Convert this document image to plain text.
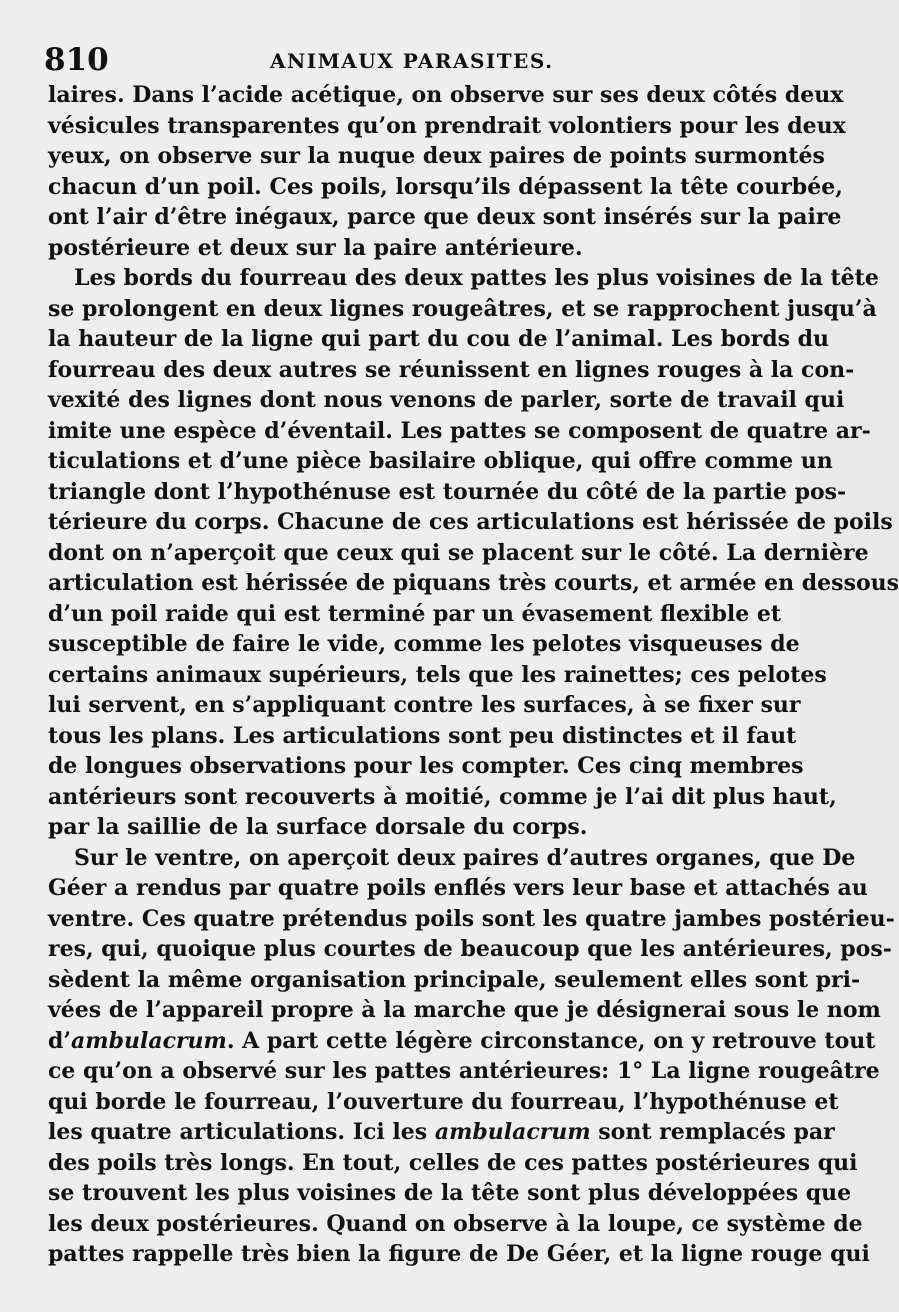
810	ANIMAUX PARASITES.
laires. Dans l’acide acétique, on observe sur ses deux côtés deux
vésicules transparentes qu’on prendrait volontiers pour les deux
yeux, on observe sur la nuque deux paires de points surmontés
chacun d’un poil. Ces poils, lorsqu’ils dépassent la tête courbée,
ont l’air d’être inégaux, parce que deux sont insérés sur la paire
postérieure et deux sur la paire antérieure.
Les bords du fourreau des deux pattes les plus voisines de la tête
se prolongent en deux lignes rougeâtres, et se rapprochent jusqu’à
la hauteur de la ligne qui part du cou de l’animal. Les bords du
fourreau des deux autres se réunissent en lignes rouges à la con-
vexité des lignes dont nous venons de parler, sorte de travail qui
imite une espèce d’éventail. Les pattes se composent de quatre ar-
ticulations et d’une pièce basilaire oblique, qui offre comme un
triangle dont l’hypothénuse est tournée du côté de la partie pos-
térieure du corps. Chacune de ces articulations est hérissée de poils
dont on n’aperçoit que ceux qui se placent sur le côté. La dernière
articulation est hérissée de piquans très courts, et armée en dessous
d’un poil raide qui est terminé par un évasement flexible et
susceptible de faire le vide, comme les pelotes visqueuses de
certains animaux supérieurs, tels que les rainettes; ces pelotes
lui servent, en s’appliquant contre les surfaces, à se fixer sur
tous les plans. Les articulations sont peu distinctes et il faut
de longues observations pour les compter. Ces cinq membres
antérieurs sont recouverts à moitié, comme je l’ai dit plus haut,
par la saillie de la surface dorsale du corps.
Sur le ventre, on aperçoit deux paires d’autres organes, que De
Géer a rendus par quatre poils enflés vers leur base et attachés au
ventre. Ces quatre prétendus poils sont les quatre jambes postérieu-
res, qui, quoique plus courtes de beaucoup que les antérieures, pos-
sèdent la même organisation principale, seulement elles sont pri-
vées de l’appareil propre à la marche que je désignerai sous le nom
d’ambulacrum. A part cette légère circonstance, on y retrouve tout
ce qu’on a observé sur les pattes antérieures: 1° La ligne rougeâtre
qui borde le fourreau, l’ouverture du fourreau, l’hypothénuse et
les quatre articulations. Ici les ambulacrum sont remplacés par
des poils très longs. En tout, celles de ces pattes postérieures qui
se trouvent les plus voisines de la tête sont plus développées que
les deux postérieures. Quand on observe à la loupe, ce système de
pattes rappelle très bien la figure de De Géer, et la ligne rouge qui
